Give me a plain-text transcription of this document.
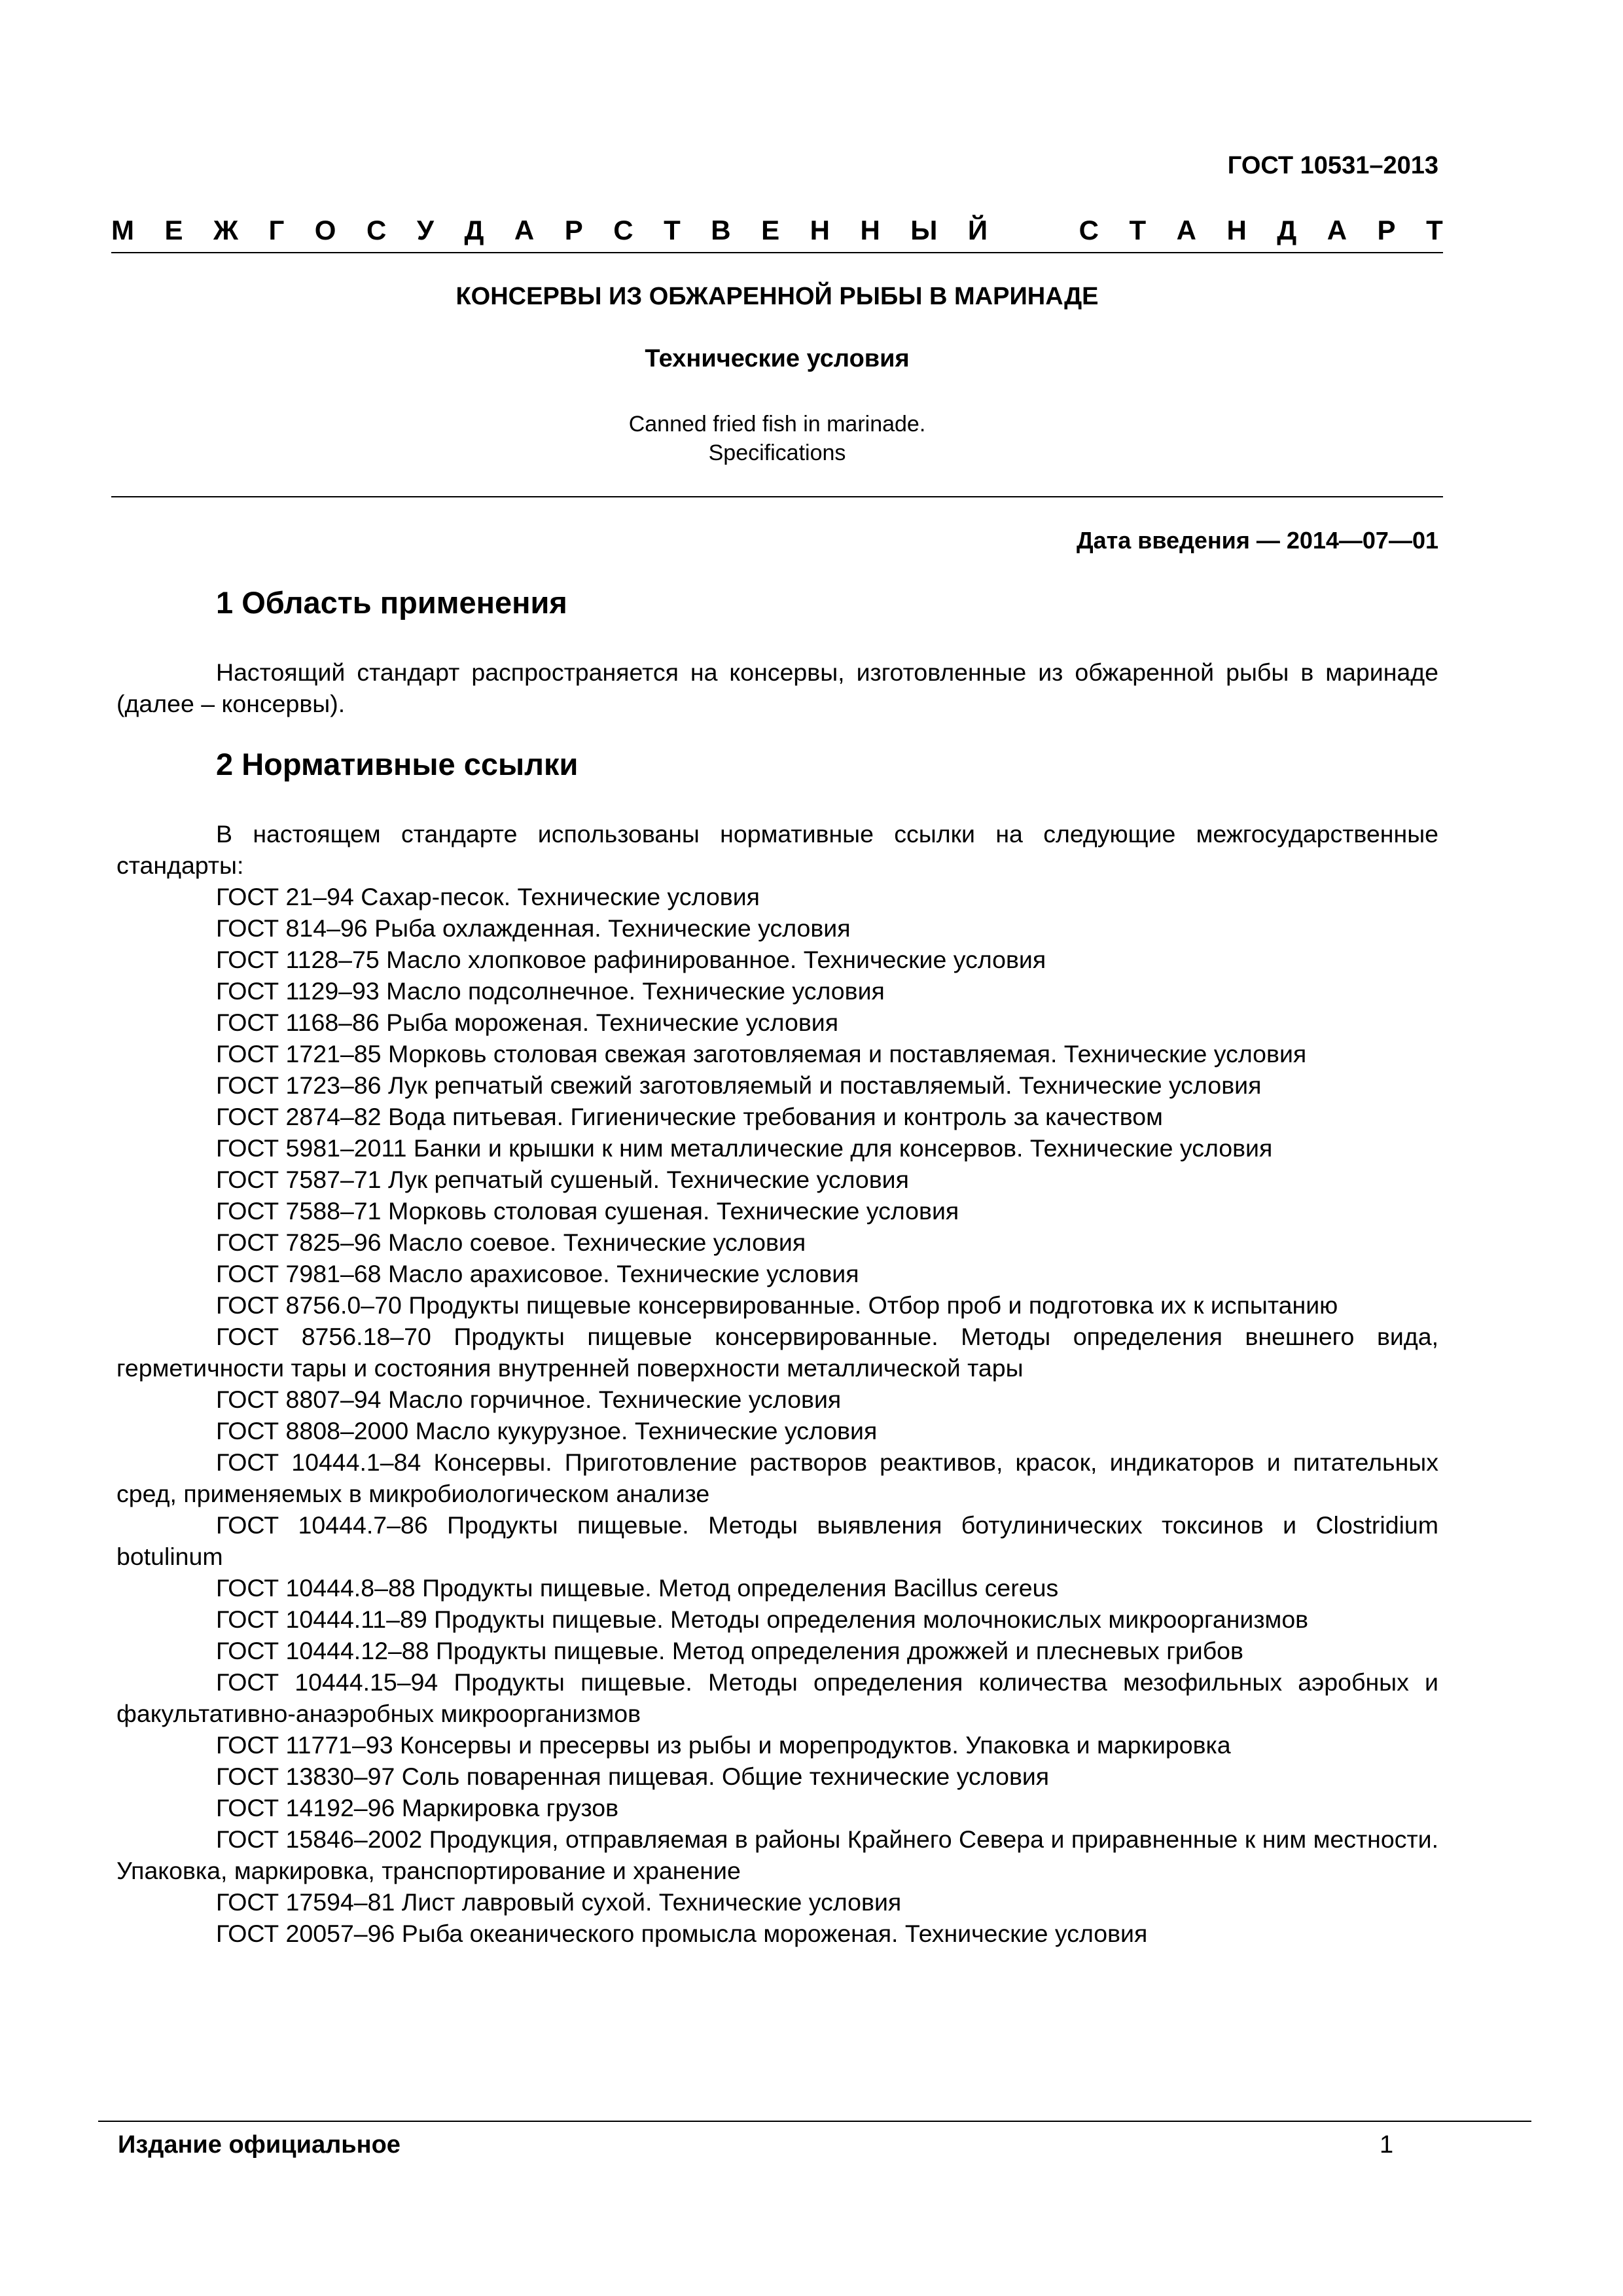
ГОСТ 10531–2013
М Е Ж Г О С У Д А Р С Т В Е Н Н Ы Й	С Т А Н Д А Р Т
КОНСЕРВЫ ИЗ ОБЖАРЕННОЙ РЫБЫ В МАРИНАДЕ
Технические условия
Canned fried fish in marinade.
Specifications
Дата введения — 2014—07—01
1 Область применения

Настоящий стандарт распространяется на консервы, изготовленные из обжаренной рыбы в маринаде (далее – консервы).

2 Нормативные ссылки

В настоящем стандарте использованы нормативные ссылки на следующие межгосударственные стандарты:

ГОСТ 21–94 Сахар-песок. Технические условия

ГОСТ 814–96 Рыба охлажденная. Технические условия

ГОСТ 1128–75 Масло хлопковое рафинированное. Технические условия

ГОСТ 1129–93 Масло подсолнечное. Технические условия

ГОСТ 1168–86 Рыба мороженая. Технические условия

ГОСТ 1721–85 Морковь столовая свежая заготовляемая и поставляемая. Технические условия

ГОСТ 1723–86 Лук репчатый свежий заготовляемый и поставляемый. Технические условия

ГОСТ 2874–82 Вода питьевая. Гигиенические требования и контроль за качеством

ГОСТ 5981–2011 Банки и крышки к ним металлические для консервов. Технические условия

ГОСТ 7587–71 Лук репчатый сушеный. Технические условия

ГОСТ 7588–71 Морковь столовая сушеная. Технические условия

ГОСТ 7825–96 Масло соевое. Технические условия

ГОСТ 7981–68 Масло арахисовое. Технические условия

ГОСТ 8756.0–70 Продукты пищевые консервированные. Отбор проб и подготовка их к испытанию

ГОСТ 8756.18–70 Продукты пищевые консервированные. Методы определения внешнего вида, герметичности тары и состояния внутренней поверхности металлической тары

ГОСТ 8807–94 Масло горчичное. Технические условия

ГОСТ 8808–2000 Масло кукурузное. Технические условия

ГОСТ 10444.1–84 Консервы. Приготовление растворов реактивов, красок, индикаторов и питательных сред, применяемых в микробиологическом анализе

ГОСТ 10444.7–86 Продукты пищевые. Методы выявления ботулинических токсинов и Clostridium botulinum

ГОСТ 10444.8–88 Продукты пищевые. Метод определения Bacillus cereus

ГОСТ 10444.11–89 Продукты пищевые. Методы определения молочнокислых микроорганизмов

ГОСТ 10444.12–88 Продукты пищевые. Метод определения дрожжей и плесневых грибов

ГОСТ 10444.15–94 Продукты пищевые. Методы определения количества мезофильных аэробных и факультативно-анаэробных микроорганизмов

ГОСТ 11771–93 Консервы и пресервы из рыбы и морепродуктов. Упаковка и маркировка

ГОСТ 13830–97 Соль поваренная пищевая. Общие технические условия

ГОСТ 14192–96 Маркировка грузов

ГОСТ 15846–2002 Продукция, отправляемая в районы Крайнего Севера и приравненные к ним местности. Упаковка, маркировка, транспортирование и хранение

ГОСТ 17594–81 Лист лавровый сухой. Технические условия

ГОСТ 20057–96 Рыба океанического промысла мороженая. Технические условия

Издание официальное	1
